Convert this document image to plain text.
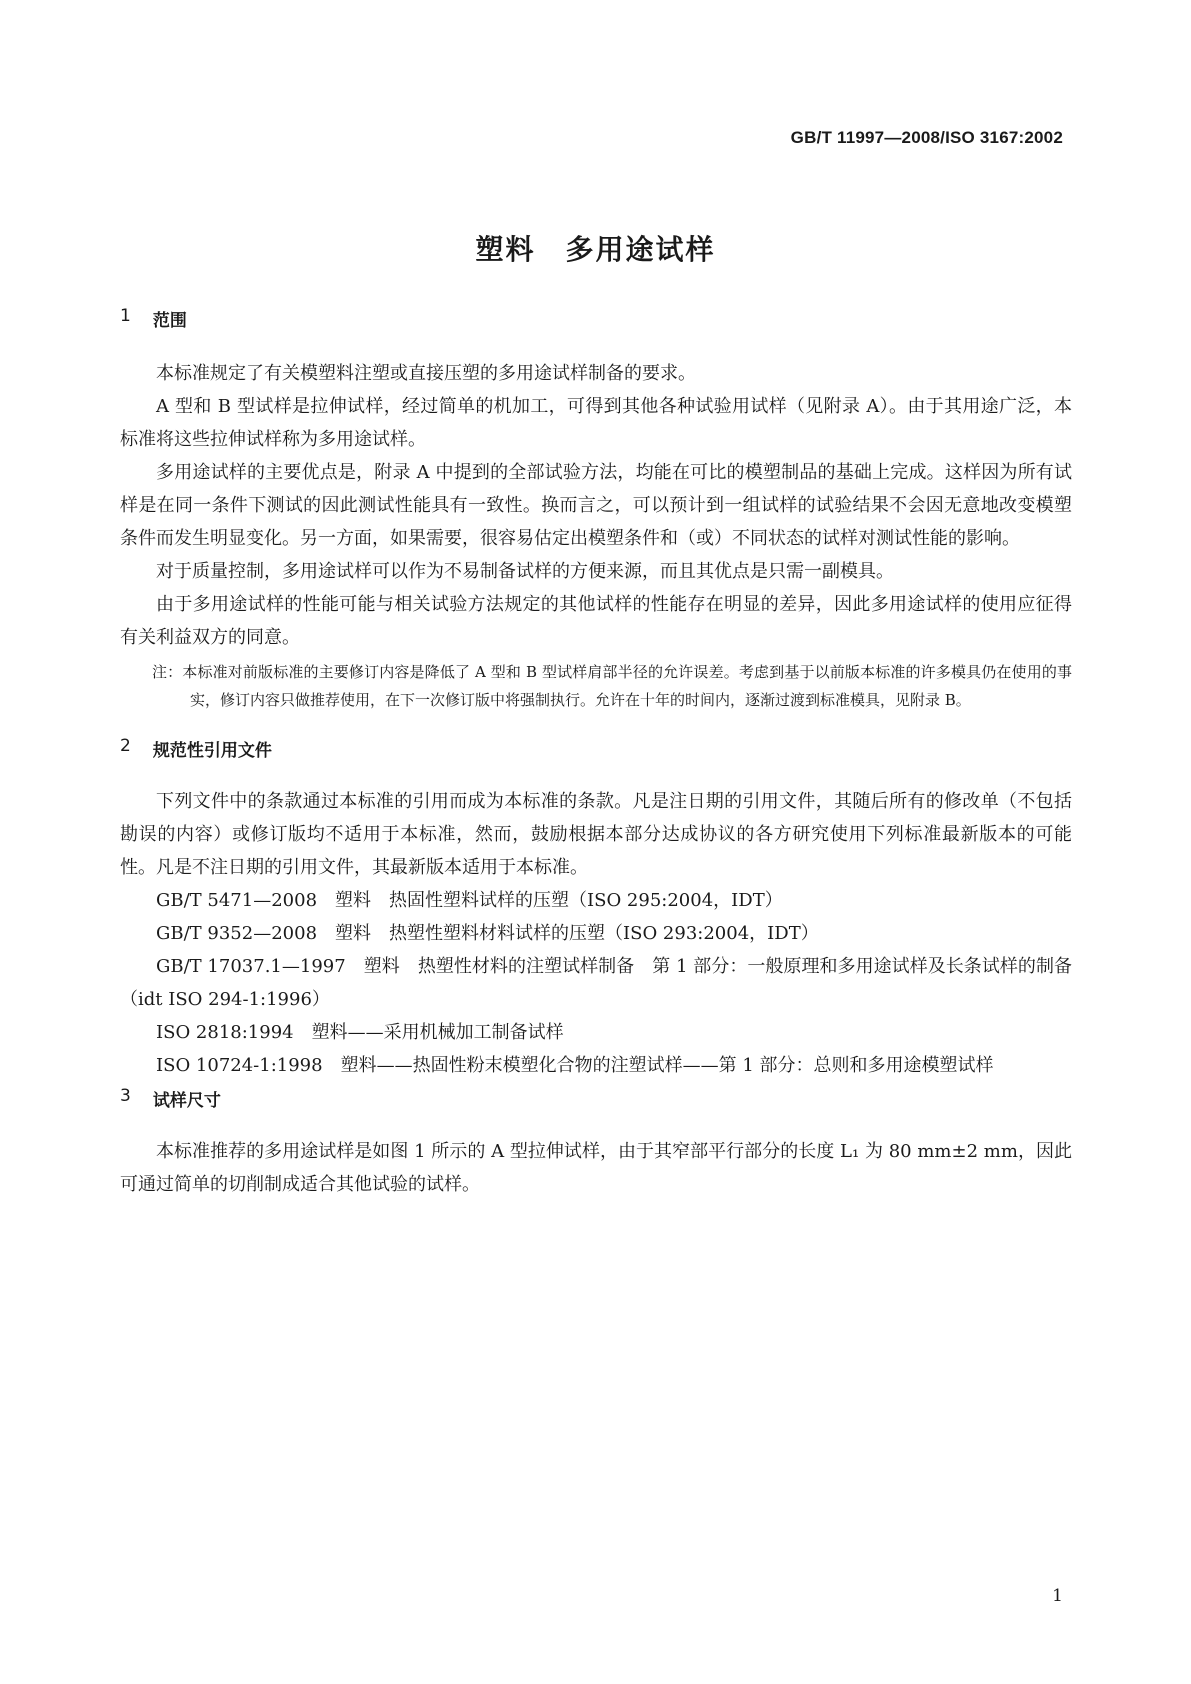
GB/T 11997—2008/ISO 3167:2002
塑料　多用途试样
1 范围

本标准规定了有关模塑料注塑或直接压塑的多用途试样制备的要求。

A 型和 B 型试样是拉伸试样，经过简单的机加工，可得到其他各种试验用试样（见附录 A）。由于其用途广泛，本标准将这些拉伸试样称为多用途试样。

多用途试样的主要优点是，附录 A 中提到的全部试验方法，均能在可比的模塑制品的基础上完成。这样因为所有试样是在同一条件下测试的因此测试性能具有一致性。换而言之，可以预计到一组试样的试验结果不会因无意地改变模塑条件而发生明显变化。另一方面，如果需要，很容易估定出模塑条件和（或）不同状态的试样对测试性能的影响。

对于质量控制，多用途试样可以作为不易制备试样的方便来源，而且其优点是只需一副模具。

由于多用途试样的性能可能与相关试验方法规定的其他试样的性能存在明显的差异，因此多用途试样的使用应征得有关利益双方的同意。

注：本标准对前版标准的主要修订内容是降低了 A 型和 B 型试样肩部半径的允许误差。考虑到基于以前版本标准的许多模具仍在使用的事实，修订内容只做推荐使用，在下一次修订版中将强制执行。允许在十年的时间内，逐渐过渡到标准模具，见附录 B。

2 规范性引用文件

下列文件中的条款通过本标准的引用而成为本标准的条款。凡是注日期的引用文件，其随后所有的修改单（不包括勘误的内容）或修订版均不适用于本标准，然而，鼓励根据本部分达成协议的各方研究使用下列标准最新版本的可能性。凡是不注日期的引用文件，其最新版本适用于本标准。

GB/T 5471—2008 塑料　热固性塑料试样的压塑（ISO 295:2004，IDT）

GB/T 9352—2008 塑料　热塑性塑料材料试样的压塑（ISO 293:2004，IDT）

GB/T 17037.1—1997 塑料　热塑性材料的注塑试样制备　第 1 部分：一般原理和多用途试样及长条试样的制备（idt ISO 294-1:1996）

ISO 2818:1994 塑料——采用机械加工制备试样

ISO 10724-1:1998 塑料——热固性粉末模塑化合物的注塑试样——第 1 部分：总则和多用途模塑试样

3 试样尺寸

本标准推荐的多用途试样是如图 1 所示的 A 型拉伸试样，由于其窄部平行部分的长度 L₁ 为 80 mm±2 mm，因此可通过简单的切削制成适合其他试验的试样。

1
